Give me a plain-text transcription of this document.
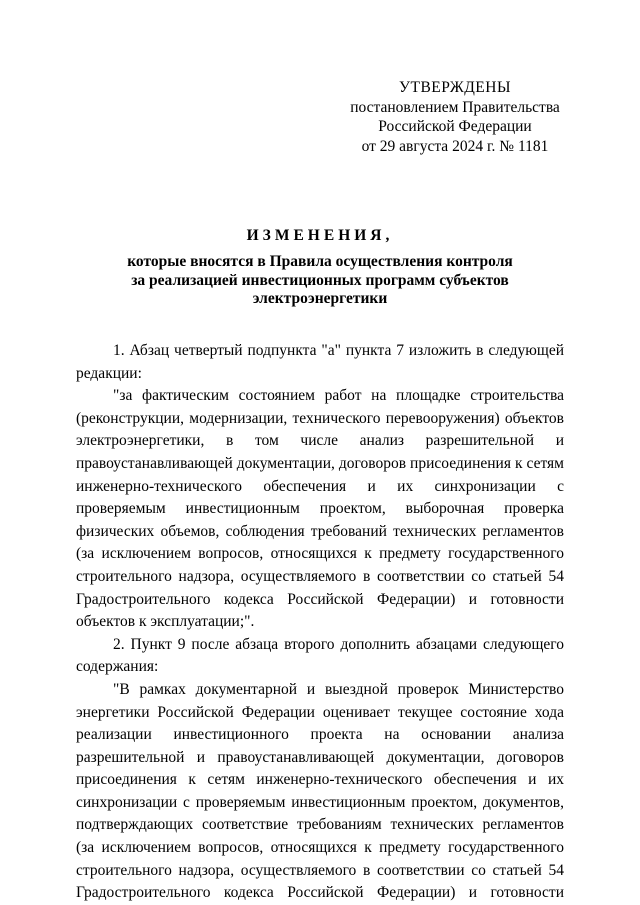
УТВЕРЖДЕНЫ
постановлением Правительства
Российской Федерации
от 29 августа 2024 г. № 1181
ИЗМЕНЕНИЯ,
которые вносятся в Правила осуществления контроля
за реализацией инвестиционных программ субъектов
электроэнергетики

1. Абзац четвертый подпункта "а" пункта 7 изложить в следующей редакции:

"за фактическим состоянием работ на площадке строительства (реконструкции, модернизации, технического перевооружения) объектов электроэнергетики, в том числе анализ разрешительной и правоустанавливающей документации, договоров присоединения к сетям инженерно-технического обеспечения и их синхронизации с проверяемым инвестиционным проектом, выборочная проверка физических объемов, соблюдения требований технических регламентов (за исключением вопросов, относящихся к предмету государственного строительного надзора, осуществляемого в соответствии со статьей 54 Градостроительного кодекса Российской Федерации) и готовности объектов к эксплуатации;".

2. Пункт 9 после абзаца второго дополнить абзацами следующего содержания:

"В рамках документарной и выездной проверок Министерство энергетики Российской Федерации оценивает текущее состояние хода реализации инвестиционного проекта на основании анализа разрешительной и правоустанавливающей документации, договоров присоединения к сетям инженерно-технического обеспечения и их синхронизации с проверяемым инвестиционным проектом, документов, подтверждающих соответствие требованиям технических регламентов (за исключением вопросов, относящихся к предмету государственного строительного надзора, осуществляемого в соответствии со статьей 54 Градостроительного кодекса Российской Федерации) и готовности
